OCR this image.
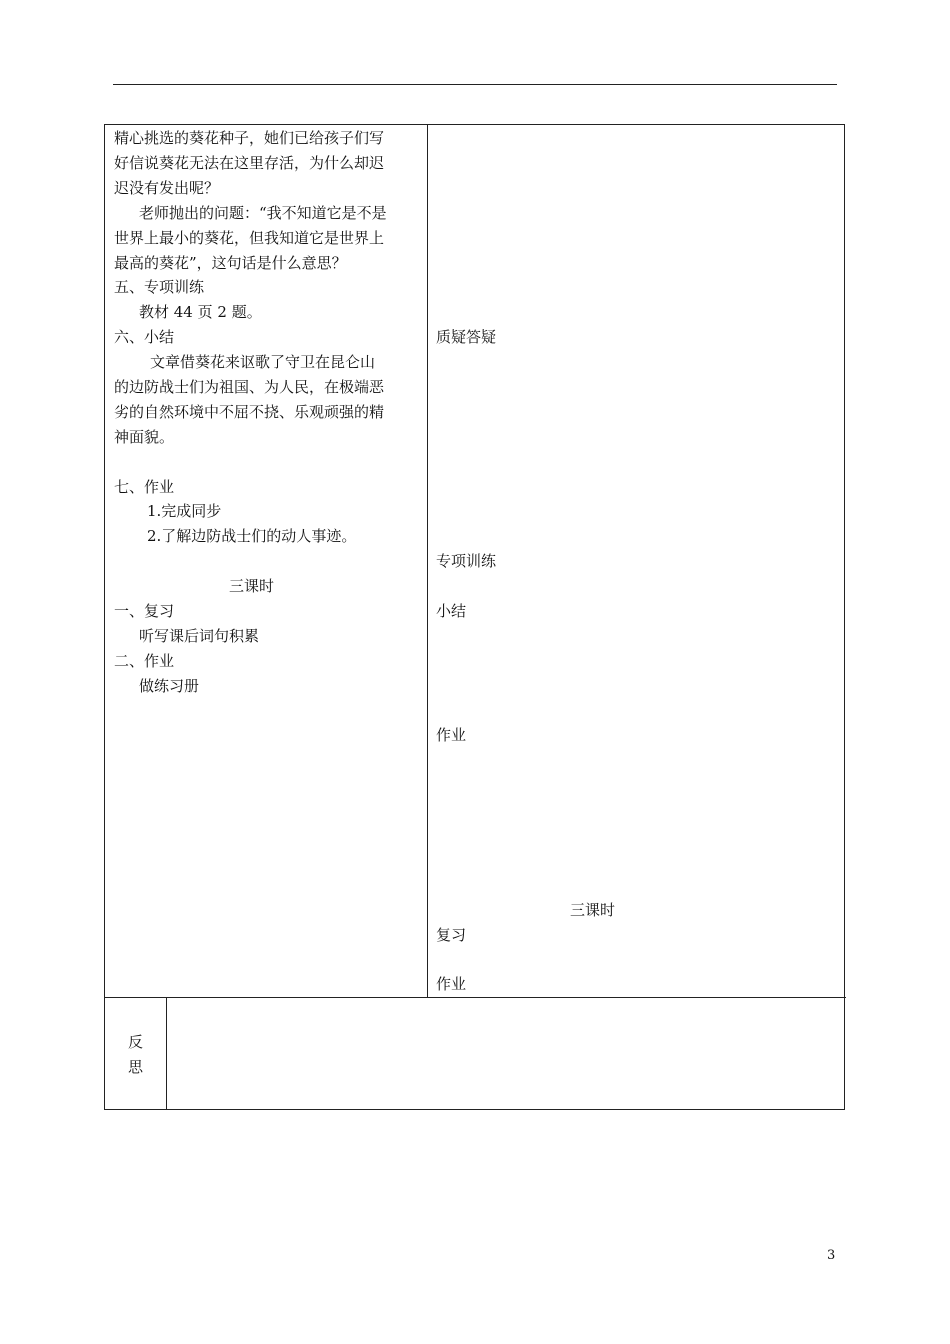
精心挑选的葵花种子，她们已给孩子们写
好信说葵花无法在这里存活，为什么却迟
迟没有发出呢？
老师抛出的问题：“我不知道它是不是
世界上最小的葵花，但我知道它是世界上
最高的葵花”，这句话是什么意思？
五、专项训练
教材 44 页 2 题。
六、小结
文章借葵花来讴歌了守卫在昆仑山
的边防战士们为祖国、为人民，在极端恶
劣的自然环境中不屈不挠、乐观顽强的精
神面貌。
七、作业
1.完成同步
2.了解边防战士们的动人事迹。
三课时
一、复习
听写课后词句积累
二、作业
做练习册
质疑答疑
专项训练
小结
作业
三课时
复习
作业
反
思
3
